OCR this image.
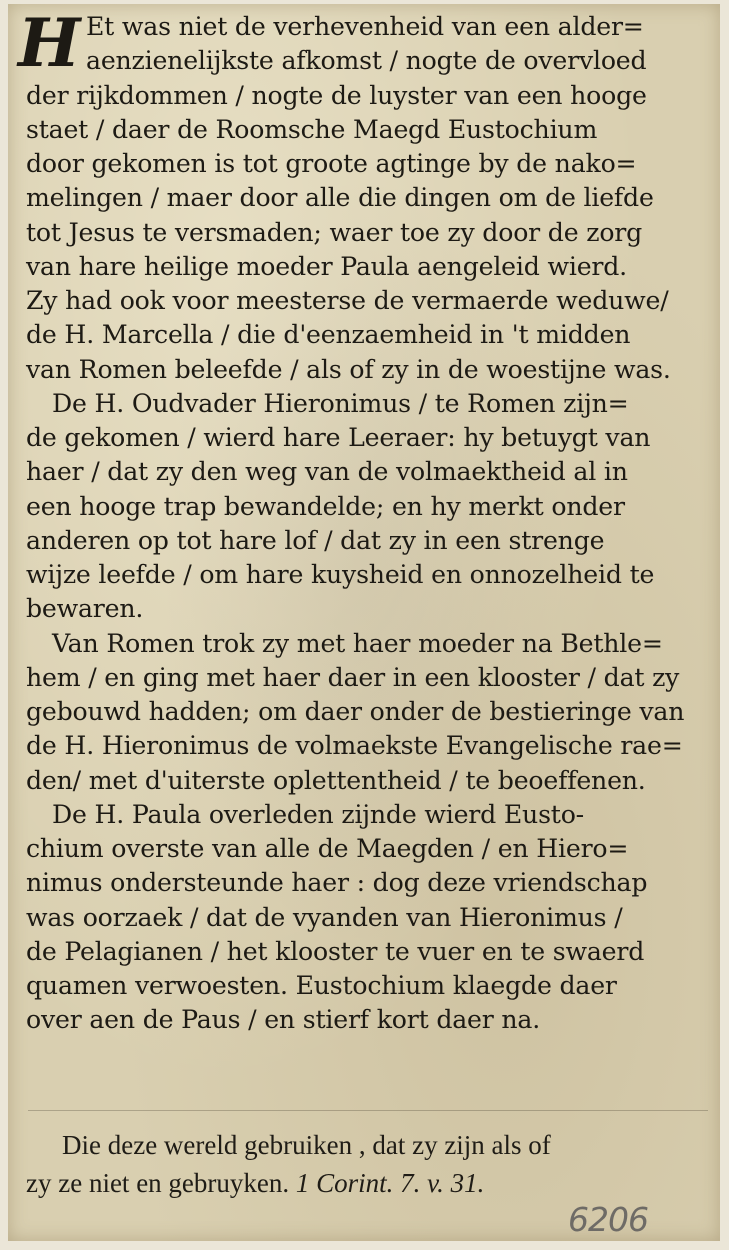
H Et was niet de verhevenheid van een alder=
aenzienelijkste afkomst / nogte de overvloed
der rijkdommen / nogte de luyster van een hooge
staet / daer de Roomsche Maegd Eustochium
door gekomen is tot groote agtinge by de nako=
melingen / maer door alle die dingen om de liefde
tot Jesus te versmaden; waer toe zy door de zorg
van hare heilige moeder Paula aengeleid wierd.
Zy had ook voor meesterse de vermaerde weduwe/
de H. Marcella / die d'eenzaemheid in 't midden
van Romen beleefde / als of zy in de woestijne was.
De H. Oudvader Hieronimus / te Romen zijn=
de gekomen / wierd hare Leeraer: hy betuygt van
haer / dat zy den weg van de volmaektheid al in
een hooge trap bewandelde; en hy merkt onder
anderen op tot hare lof / dat zy in een strenge
wijze leefde / om hare kuysheid en onnozelheid te
bewaren.
Van Romen trok zy met haer moeder na Bethle=
hem / en ging met haer daer in een klooster / dat zy
gebouwd hadden; om daer onder de bestieringe van
de H. Hieronimus de volmaekste Evangelische rae=
den/ met d'uiterste oplettentheid / te beoeffenen.
De H. Paula overleden zijnde wierd Eusto-
chium overste van alle de Maegden / en Hiero=
nimus ondersteunde haer : dog deze vriendschap
was oorzaek / dat de vyanden van Hieronimus /
de Pelagianen / het klooster te vuer en te swaerd
quamen verwoesten. Eustochium klaegde daer
over aen de Paus / en stierf kort daer na.
Die deze wereld gebruiken , dat zy zijn als of
zy ze niet en gebruyken. 1 Corint. 7. v. 31.
6206
